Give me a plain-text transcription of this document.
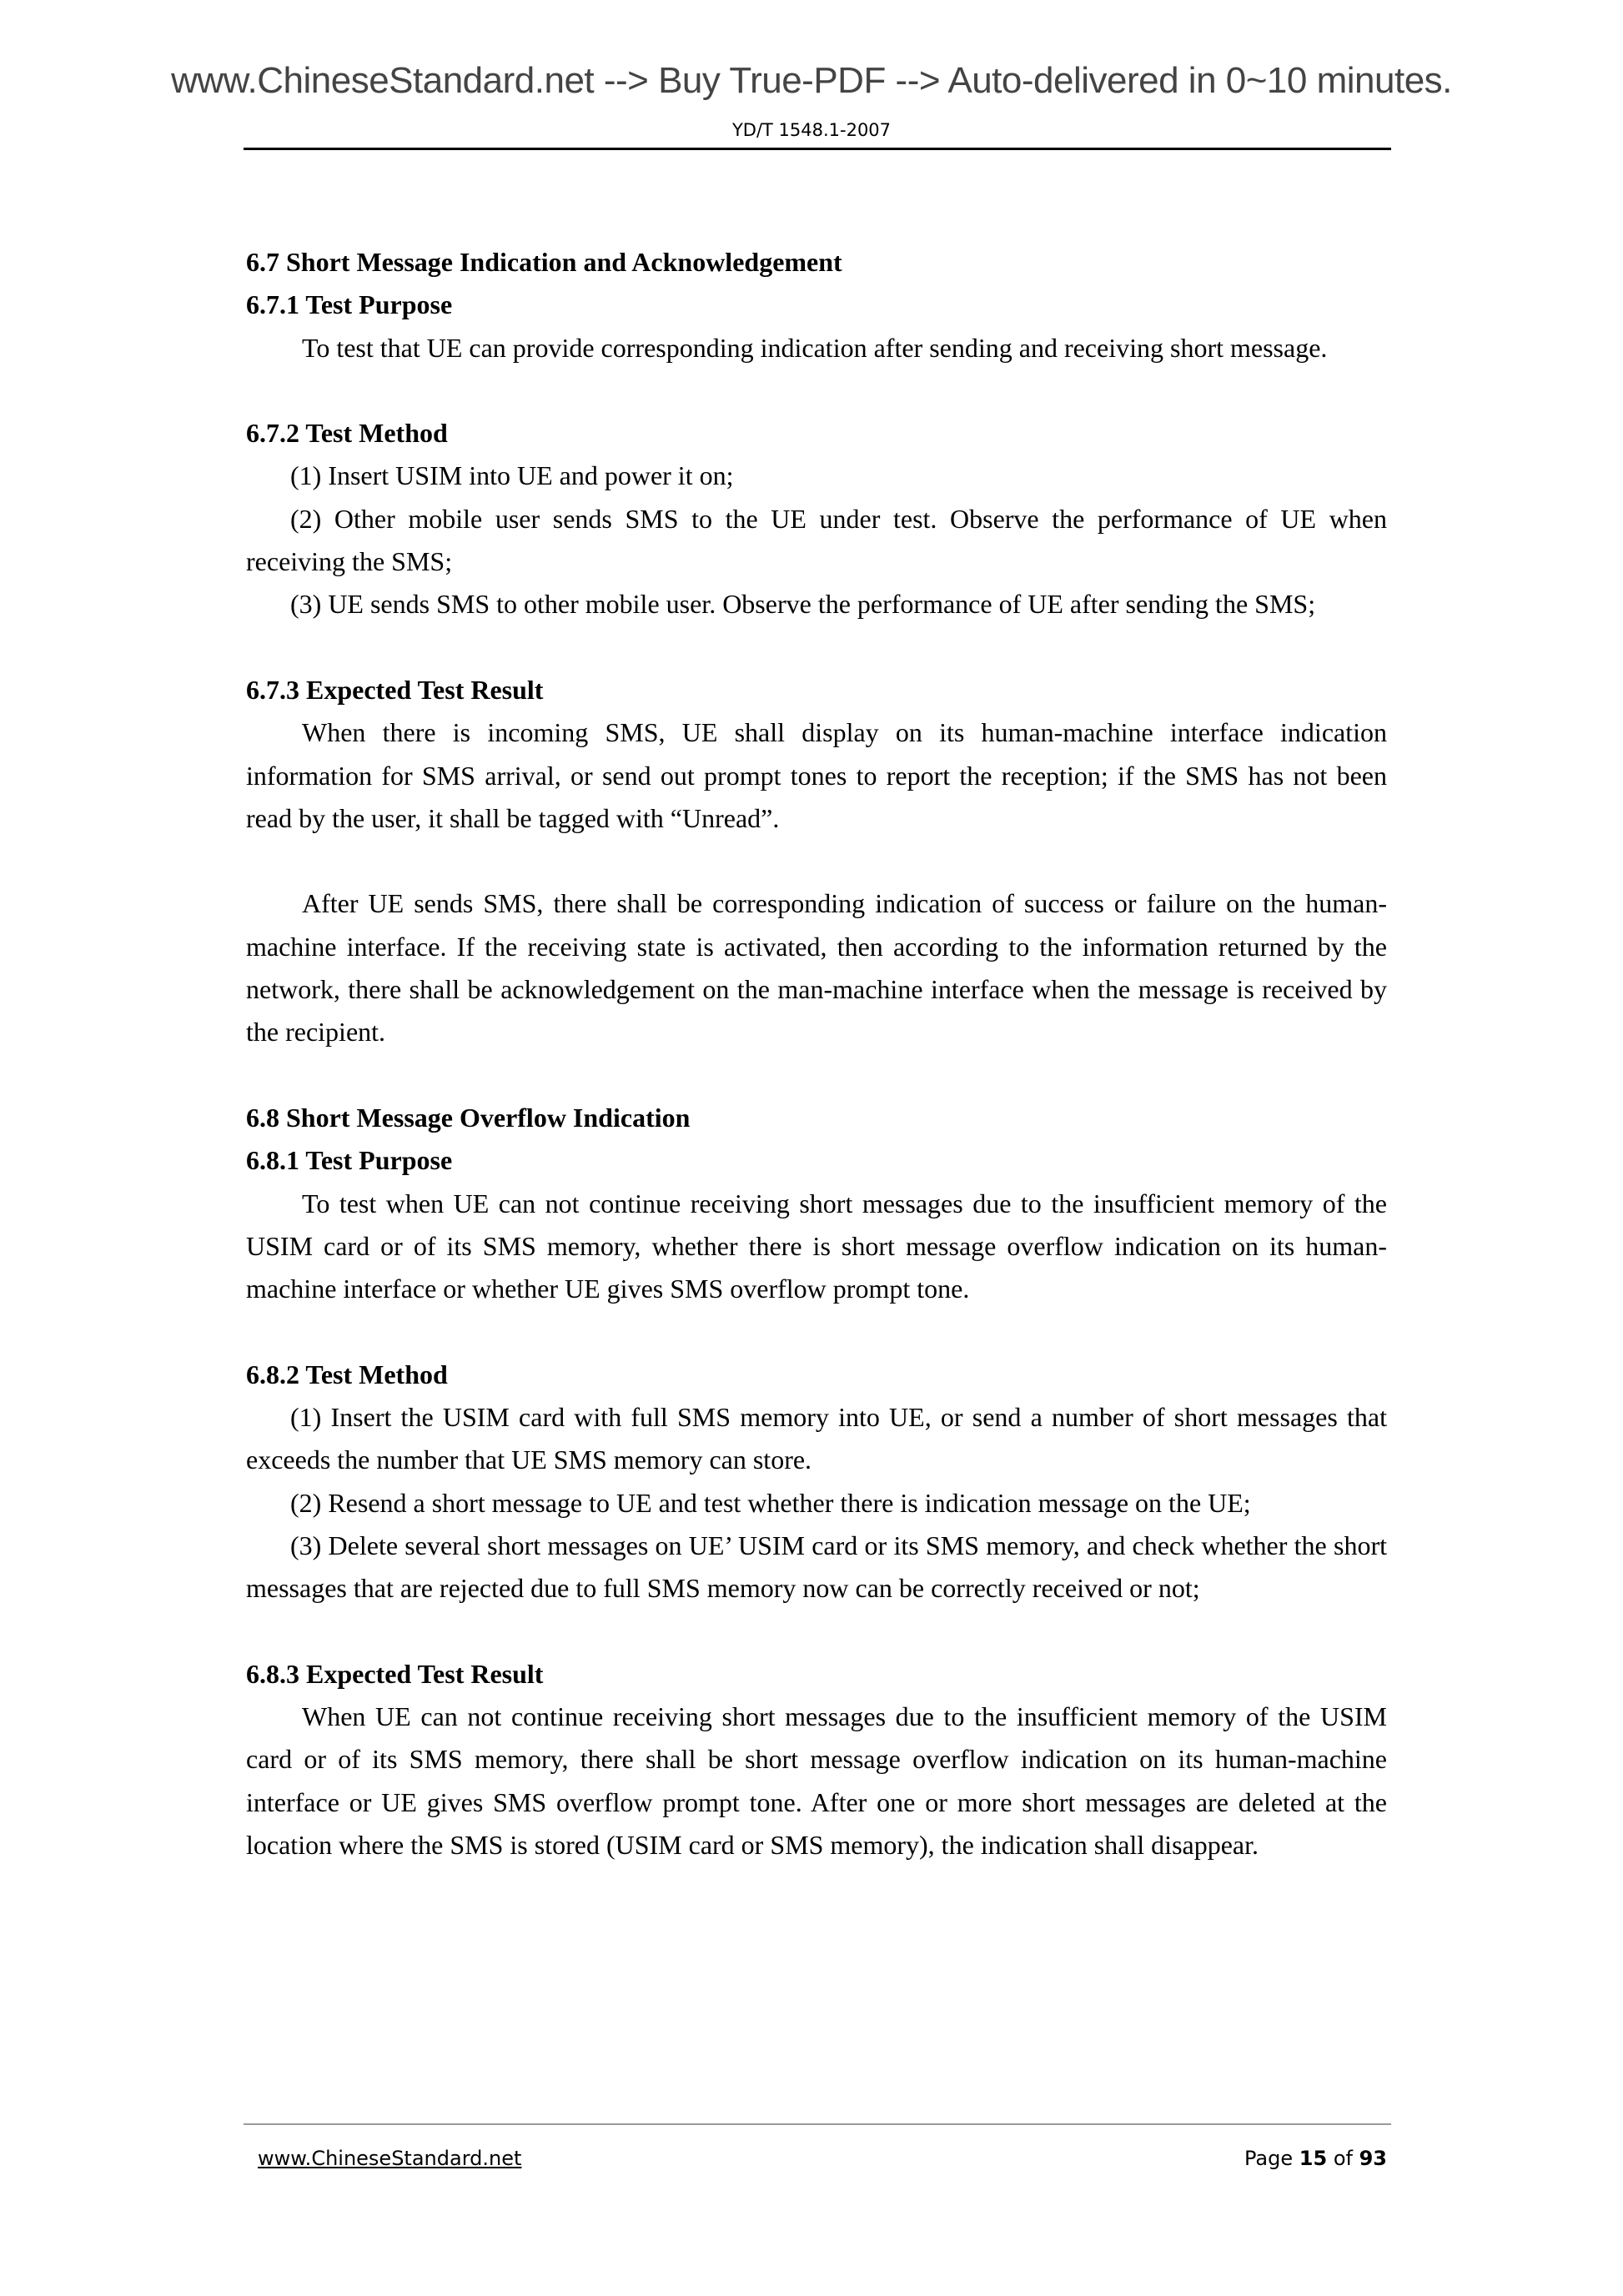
www.ChineseStandard.net --> Buy True-PDF --> Auto-delivered in 0~10 minutes.
YD/T 1548.1-2007

6.7 Short Message Indication and Acknowledgement

6.7.1 Test Purpose

To test that UE can provide corresponding indication after sending and receiving short message.

6.7.2 Test Method

(1) Insert USIM into UE and power it on;

(2) Other mobile user sends SMS to the UE under test. Observe the performance of UE when receiving the SMS;

(3) UE sends SMS to other mobile user. Observe the performance of UE after sending the SMS;

6.7.3 Expected Test Result

When there is incoming SMS, UE shall display on its human-machine interface indication information for SMS arrival, or send out prompt tones to report the reception; if the SMS has not been read by the user, it shall be tagged with “Unread”.

After UE sends SMS, there shall be corresponding indication of success or failure on the human-machine interface. If the receiving state is activated, then according to the information returned by the network, there shall be acknowledgement on the man-machine interface when the message is received by the recipient.

6.8 Short Message Overflow Indication

6.8.1 Test Purpose

To test when UE can not continue receiving short messages due to the insufficient memory of the USIM card or of its SMS memory, whether there is short message overflow indication on its human-machine interface or whether UE gives SMS overflow prompt tone.

6.8.2 Test Method

(1) Insert the USIM card with full SMS memory into UE, or send a number of short messages that exceeds the number that UE SMS memory can store.

(2) Resend a short message to UE and test whether there is indication message on the UE;

(3) Delete several short messages on UE’ USIM card or its SMS memory, and check whether the short messages that are rejected due to full SMS memory now can be correctly received or not;

6.8.3 Expected Test Result

When UE can not continue receiving short messages due to the insufficient memory of the USIM card or of its SMS memory, there shall be short message overflow indication on its human-machine interface or UE gives SMS overflow prompt tone. After one or more short messages are deleted at the location where the SMS is stored (USIM card or SMS memory), the indication shall disappear.

www.ChineseStandard.net	Page 15 of 93
